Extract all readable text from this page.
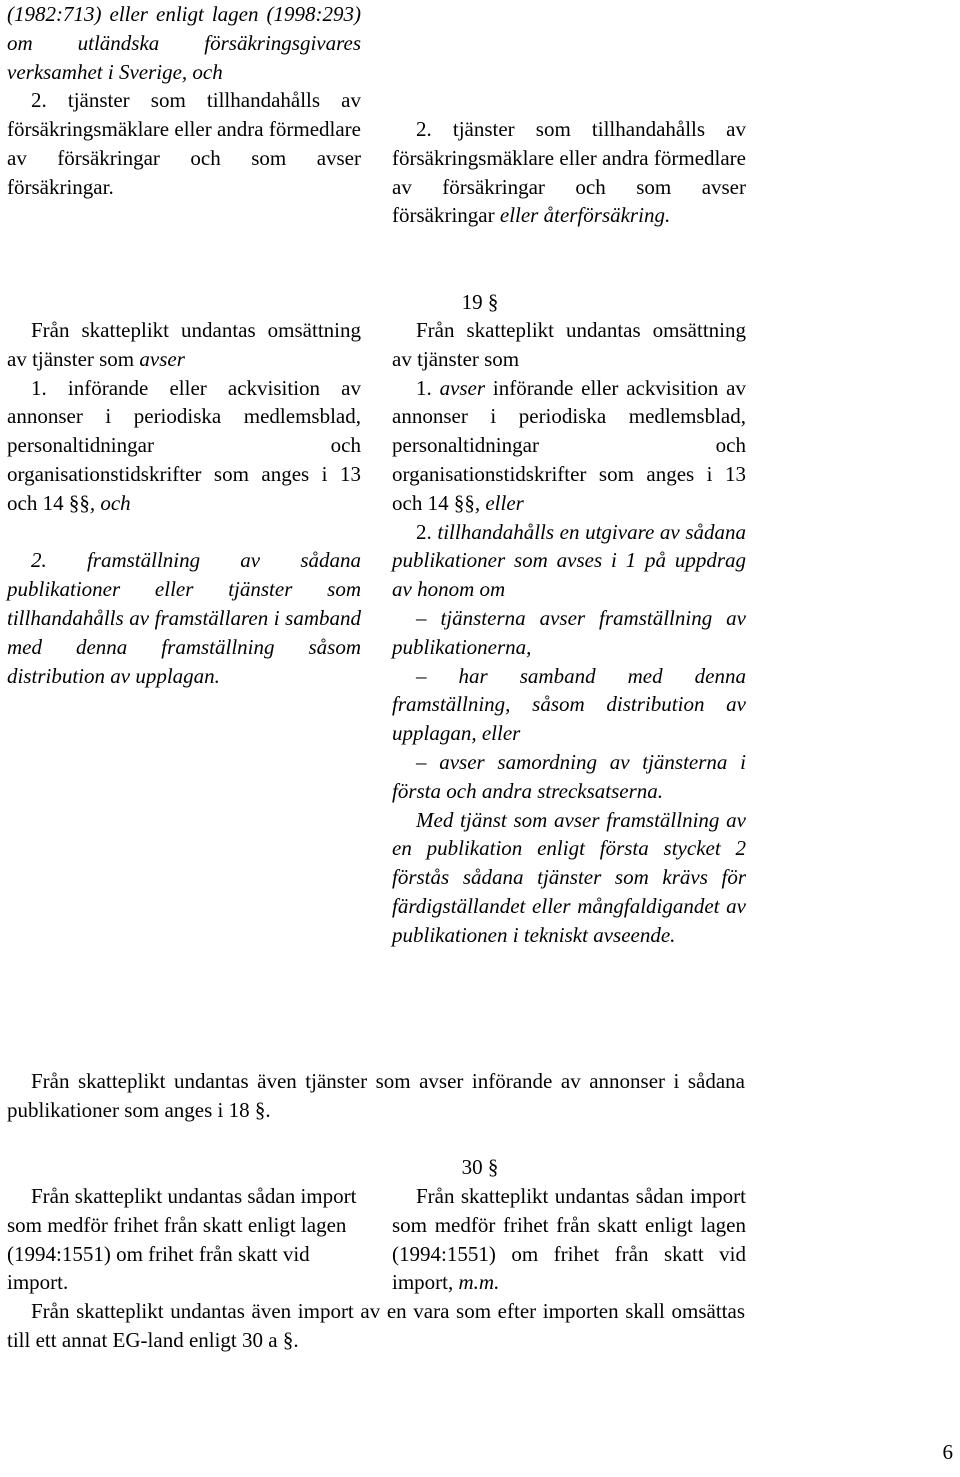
(1982:713) eller enligt lagen (1998:293) om utländska försäkringsgivares verksamhet i Sverige, och

2. tjänster som tillhandahålls av försäkringsmäklare eller andra förmedlare av försäkringar och som avser försäkringar.

2. tjänster som tillhandahålls av försäkringsmäklare eller andra förmedlare av försäkringar och som avser försäkringar eller återförsäkring.

19 §

Från skatteplikt undantas omsättning av tjänster som avser

1. införande eller ackvisition av annonser i periodiska medlemsblad, personaltidningar och organisationstidskrifter som anges i 13 och 14 §§, och

2. framställning av sådana publikationer eller tjänster som tillhandahålls av framställaren i samband med denna framställning såsom distribution av upplagan.

Från skatteplikt undantas omsättning av tjänster som

1. avser införande eller ackvisition av annonser i periodiska medlemsblad, personaltidningar och organisationstidskrifter som anges i 13 och 14 §§, eller

2. tillhandahålls en utgivare av sådana publikationer som avses i 1 på uppdrag av honom om

– tjänsterna avser framställning av publikationerna,

– har samband med denna framställning, såsom distribution av upplagan, eller

– avser samordning av tjänsterna i första och andra strecksatserna.

Med tjänst som avser framställning av en publikation enligt första stycket 2 förstås sådana tjänster som krävs för färdigställandet eller mångfaldigandet av publikationen i tekniskt avseende.

Från skatteplikt undantas även tjänster som avser införande av annonser i sådana publikationer som anges i 18 §.

30 §

Från skatteplikt undantas sådan import som medför frihet från skatt enligt lagen (1994:1551) om frihet från skatt vid import.

Från skatteplikt undantas sådan import som medför frihet från skatt enligt lagen (1994:1551) om frihet från skatt vid import, m.m.

Från skatteplikt undantas även import av en vara som efter importen skall omsättas till ett annat EG-land enligt 30 a §.

6
